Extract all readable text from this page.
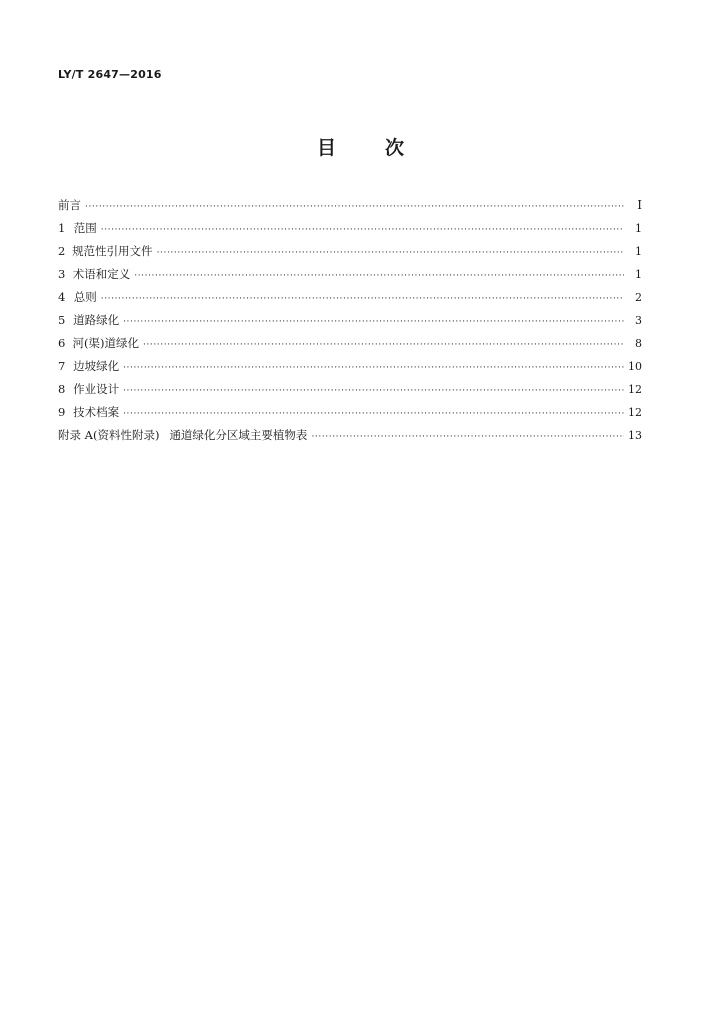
LY/T 2647—2016
目 次
前言 ·····	Ⅰ
1 范围 ·····	1
2 规范性引用文件 ·····	1
3 术语和定义 ·····	1
4 总则 ·····	2
5 道路绿化 ·····	3
6 河(渠)道绿化 ·····	8
7 边坡绿化 ·····	10
8 作业设计 ·····	12
9 技术档案 ·····	12
附录 A(资料性附录) 通道绿化分区域主要植物表 ·····	13
